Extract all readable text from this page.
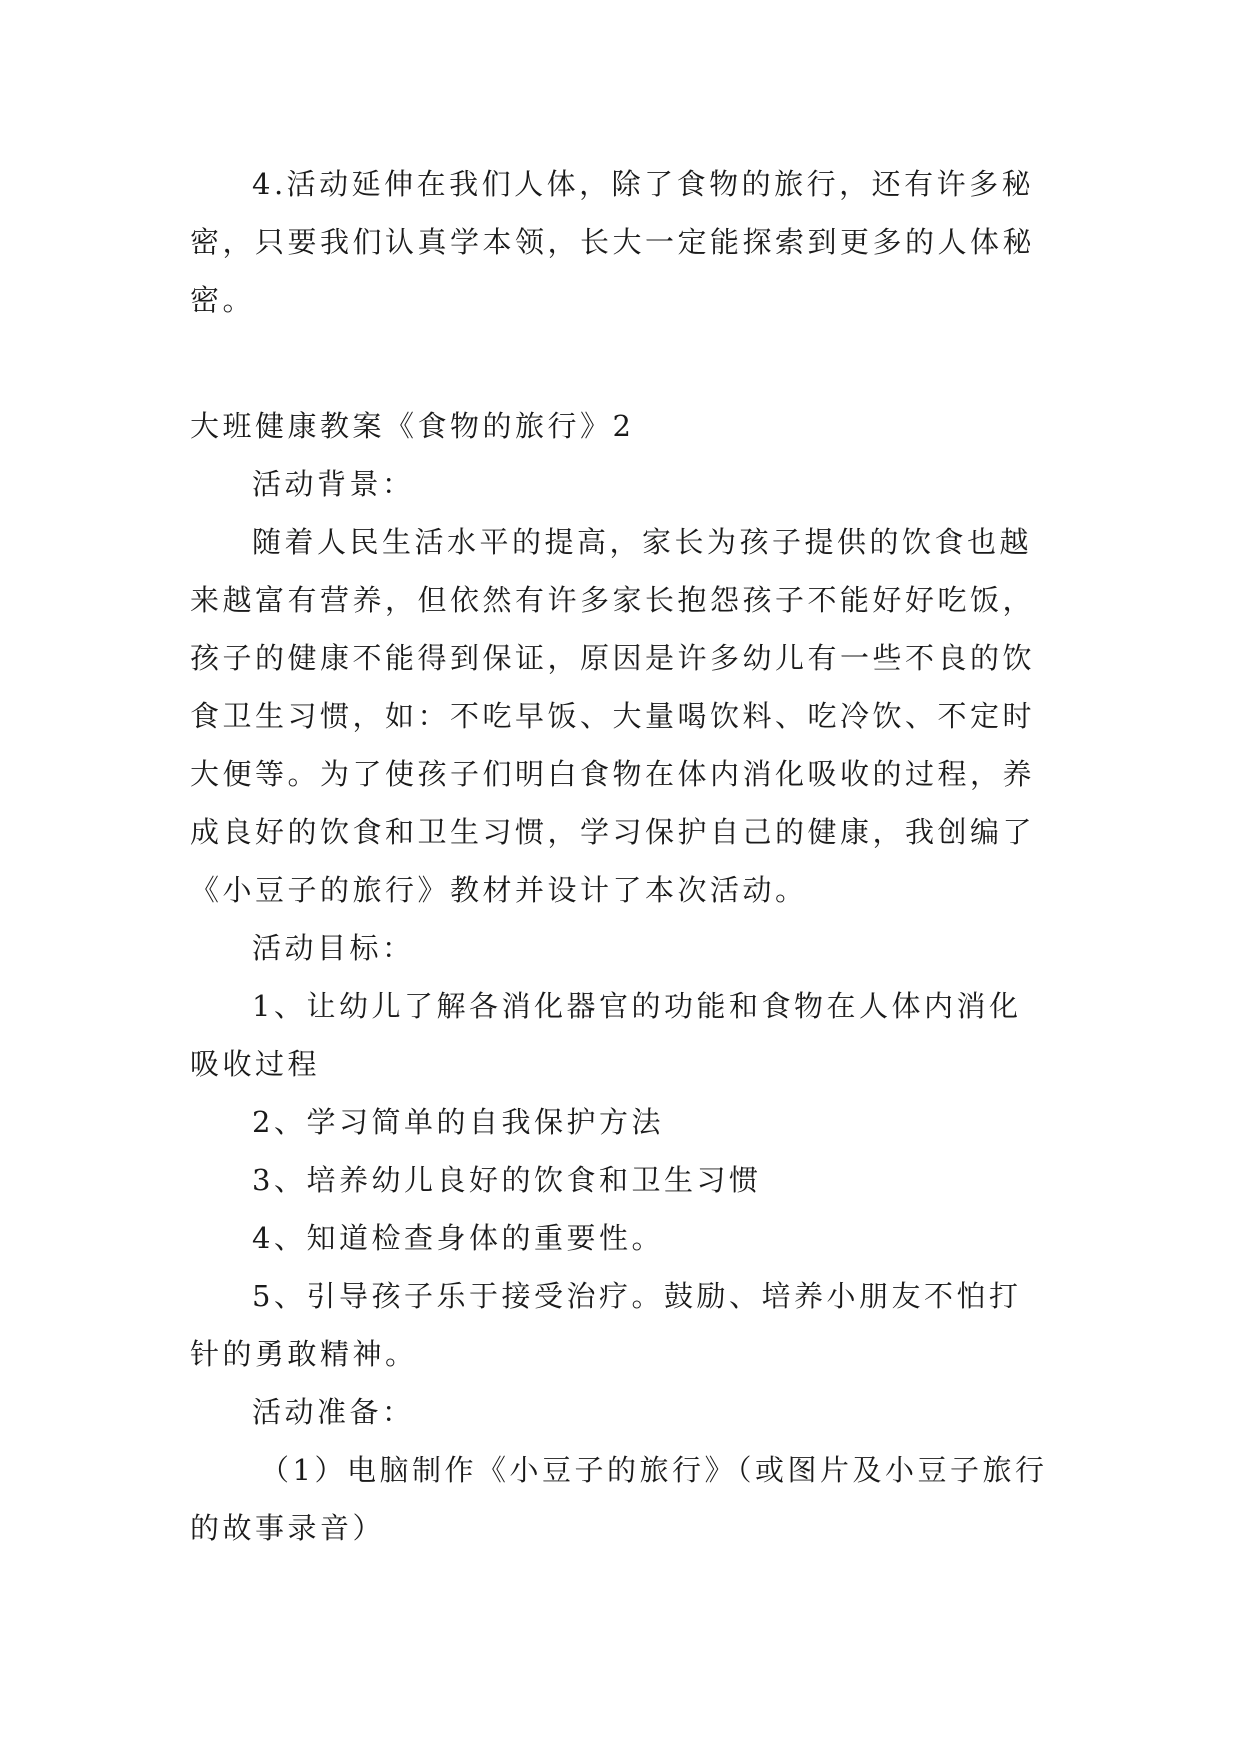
4.活动延伸在我们人体，除了食物的旅行，还有许多秘
密，只要我们认真学本领，长大一定能探索到更多的人体秘
密。
大班健康教案《食物的旅行》2
活动背景：
随着人民生活水平的提高，家长为孩子提供的饮食也越
来越富有营养，但依然有许多家长抱怨孩子不能好好吃饭，
孩子的健康不能得到保证，原因是许多幼儿有一些不良的饮
食卫生习惯，如：不吃早饭、大量喝饮料、吃冷饮、不定时
大便等。为了使孩子们明白食物在体内消化吸收的过程，养
成良好的饮食和卫生习惯，学习保护自己的健康，我创编了
《小豆子的旅行》教材并设计了本次活动。
活动目标：
1、让幼儿了解各消化器官的功能和食物在人体内消化
吸收过程
2、学习简单的自我保护方法
3、培养幼儿良好的饮食和卫生习惯
4、知道检查身体的重要性。
5、引导孩子乐于接受治疗。鼓励、培养小朋友不怕打
针的勇敢精神。
活动准备：
（1）电脑制作《小豆子的旅行》（或图片及小豆子旅行
的故事录音）
